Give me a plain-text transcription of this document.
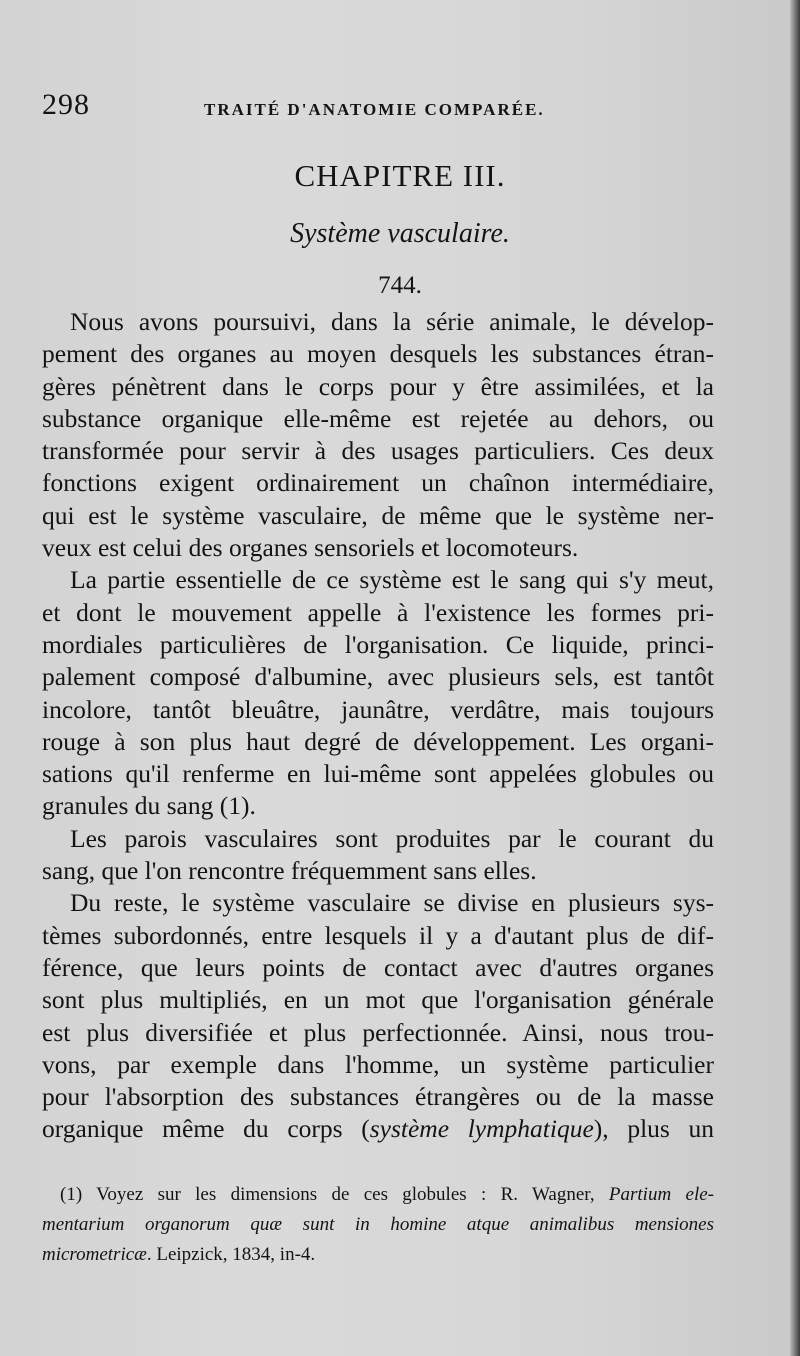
298	TRAITÉ D'ANATOMIE COMPARÉE.
CHAPITRE III.
Système vasculaire.
744.
Nous avons poursuivi, dans la série animale, le dévelop-
pement des organes au moyen desquels les substances étran-
gères pénètrent dans le corps pour y être assimilées, et la
substance organique elle-même est rejetée au dehors, ou
transformée pour servir à des usages particuliers. Ces deux
fonctions exigent ordinairement un chaînon intermédiaire,
qui est le système vasculaire, de même que le système ner-
veux est celui des organes sensoriels et locomoteurs.
La partie essentielle de ce système est le sang qui s'y meut,
et dont le mouvement appelle à l'existence les formes pri-
mordiales particulières de l'organisation. Ce liquide, princi-
palement composé d'albumine, avec plusieurs sels, est tantôt
incolore, tantôt bleuâtre, jaunâtre, verdâtre, mais toujours
rouge à son plus haut degré de développement. Les organi-
sations qu'il renferme en lui-même sont appelées globules ou
granules du sang (1).
Les parois vasculaires sont produites par le courant du
sang, que l'on rencontre fréquemment sans elles.
Du reste, le système vasculaire se divise en plusieurs sys-
tèmes subordonnés, entre lesquels il y a d'autant plus de dif-
férence, que leurs points de contact avec d'autres organes
sont plus multipliés, en un mot que l'organisation générale
est plus diversifiée et plus perfectionnée. Ainsi, nous trou-
vons, par exemple dans l'homme, un système particulier
pour l'absorption des substances étrangères ou de la masse
organique même du corps (système lymphatique), plus un
(1) Voyez sur les dimensions de ces globules : R. Wagner, Partium ele-
mentarium organorum quæ sunt in homine atque animalibus mensiones
micrometricæ. Leipzick, 1834, in-4.
